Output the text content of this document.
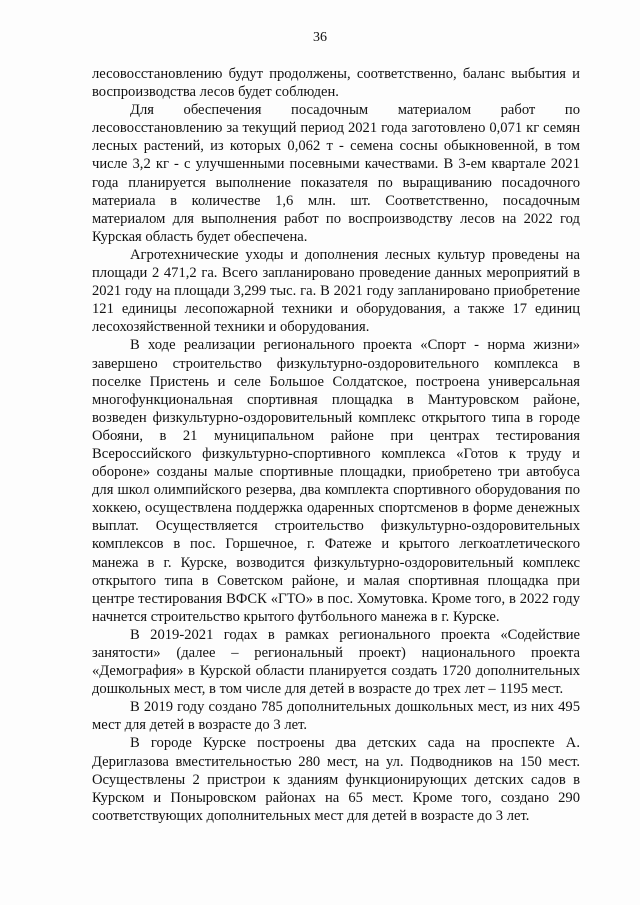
36

лесовосстановлению будут продолжены, соответственно, баланс выбытия и воспроизводства лесов будет соблюден.

Для обеспечения посадочным материалом работ по лесовосстановлению за текущий период 2021 года заготовлено 0,071 кг семян лесных растений, из которых 0,062 т - семена сосны обыкновенной, в том числе 3,2 кг - с улучшенными посевными качествами. В 3-ем квартале 2021 года планируется выполнение показателя по выращиванию посадочного материала в количестве 1,6 млн. шт. Соответственно, посадочным материалом для выполнения работ по воспроизводству лесов на 2022 год Курская область будет обеспечена.

Агротехнические уходы и дополнения лесных культур проведены на площади 2 471,2 га. Всего запланировано проведение данных мероприятий в 2021 году на площади 3,299 тыс. га. В 2021 году запланировано приобретение 121 единицы лесопожарной техники и оборудования, а также 17 единиц лесохозяйственной техники и оборудования.

В ходе реализации регионального проекта «Спорт - норма жизни» завершено строительство физкультурно-оздоровительного комплекса в поселке Пристень и селе Большое Солдатское, построена универсальная многофункциональная спортивная площадка в Мантуровском районе, возведен физкультурно-оздоровительный комплекс открытого типа в городе Обояни, в 21 муниципальном районе при центрах тестирования Всероссийского физкультурно-спортивного комплекса «Готов к труду и обороне» созданы малые спортивные площадки, приобретено три автобуса для школ олимпийского резерва, два комплекта спортивного оборудования по хоккею, осуществлена поддержка одаренных спортсменов в форме денежных выплат. Осуществляется строительство физкультурно-оздоровительных комплексов в пос. Горшечное, г. Фатеже и крытого легкоатлетического манежа в г. Курске, возводится физкультурно-оздоровительный комплекс открытого типа в Советском районе, и малая спортивная площадка при центре тестирования ВФСК «ГТО» в пос. Хомутовка. Кроме того, в 2022 году начнется строительство крытого футбольного манежа в г. Курске.

В 2019-2021 годах в рамках регионального проекта «Содействие занятости» (далее – региональный проект) национального проекта «Демография» в Курской области планируется создать 1720 дополнительных дошкольных мест, в том числе для детей в возрасте до трех лет – 1195 мест.

В 2019 году создано 785 дополнительных дошкольных мест, из них 495 мест для детей в возрасте до 3 лет.

В городе Курске построены два детских сада на проспекте А. Дериглазова вместительностью 280 мест, на ул. Подводников на 150 мест. Осуществлены 2 пристрои к зданиям функционирующих детских садов в Курском и Поныровском районах на 65 мест. Кроме того, создано 290 соответствующих дополнительных мест для детей в возрасте до 3 лет.
